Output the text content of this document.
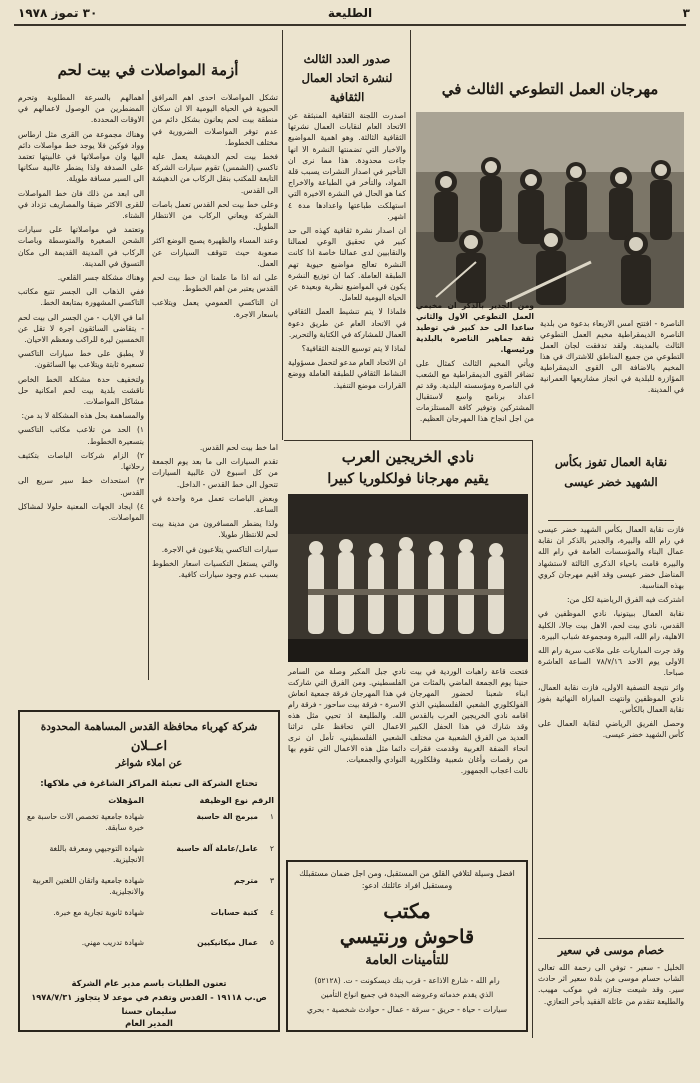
٣
الطليعة
٣٠ تموز ١٩٧٨
مهرجان العمل التطوعي الثالث في
الناصرة - افتتح امس الاربعاء بدعوة من بلدية الناصرة الديمقراطية مخيم العمل التطوعي الثالث بالمدينة. ولقد تدفقت لجان العمل التطوعي من جميع المناطق للاشتراك في هذا المخيم بالاضافة الى القوى الديمقراطية المؤازرة للبلدية في انجاز مشاريعها العمرانية في المدينة.
ومن الجدير بالذكر ان مخيمي العمل التطوعي الاول والثاني ساعدا الى حد كبير في توطيد ثقة جماهير الناصرة بالبلدية ورئيسها.
ويأتي المخيم الثالث كمثال على تضافر القوى الديمقراطية مع الشعب في الناصرة ومؤسسته البلدية. وقد تم اعداد برنامج واسع لاستقبال المشتركين وتوفير كافة المستلزمات من اجل انجاح هذا المهرجان العظيم.
صدور العدد الثالث لنشرة اتحاد العمال الثقافية

اصدرت اللجنة الثقافية المنبثقة عن الاتحاد العام لنقابات العمال نشرتها الثقافية الثالثة. وهو اهمية المواضيع والاخبار التي تضمنتها النشرة الا انها جاءت محدودة. هذا مما نرى ان التأخير في اصدار النشرات يسبب قلة المواد، والتأخر في الطباعة والاخراج كما هو الحال في النشرة الاخيرة التي استهلكت طباعتها واعدادها مدة ٤ اشهر.

ان اصدار نشرة ثقافية كهذه الى حد كبير في تحقيق الوعي لعمالنا والنقابيين لدى عمالنا خاصة اذا كانت النشرة تعالج مواضيع حيوية تهم الطبقة العاملة. كما ان توزيع النشرة يكون في المواضيع نظرية وبعيدة عن الحياة اليومية للعامل.

فلماذا لا يتم تنشيط العمل الثقافي في الاتحاد العام عن طريق دعوة العمال للمشاركة في الكتابة والتحرير.

لماذا لا يتم توسيع اللجنة الثقافية؟

ان الاتحاد العام مدعو لتحمل مسؤولية النشاط الثقافي للطبقة العاملة ووضع القرارات موضع التنفيذ.

أزمة المواصلات في بيت لحم

اهمالهم بالسرعة المطلوبة وتحرم المضطرين من الوصول لاعمالهم في الاوقات المحددة.

وهناك مجموعة من القرى مثل ارطاس وواد فوكين فلا يوجد خط مواصلات دائم اليها وان مواصلاتها في غالبيتها تعتمد على الصدفة ولذا يضطر غالبية سكانها الى السير مسافة طويلة.

الى ابعد من ذلك فان خط المواصلات للقرى الاكثر ضيقا والمصاريف تزداد في الشتاء.

وتعتمد في مواصلاتها على سيارات الشحن الصغيرة والمتوسطة وباصات الركاب في المدينة القديمة الى مكان التسوق في المدينة.

وهناك مشكلة جسر القلعي.

ففي الذهاب الى الجسر تتبع مكاتب التاكسي المشهورة بمتابعة الخط.

اما في الاياب - من الجسر الى بيت لحم - يتقاضى السائقون اجرة لا تقل عن الخمسين ليرة للراكب ومعظم الاحيان.

لا يطبق على خط سيارات التاكسي تسعيرة ثابتة ويتلاعب بها السائقون.

ولتخفيف حدة مشكلة الخط الخاص ناقشت بلدية بيت لحم امكانية حل مشاكل المواصلات.

والمساهمة بحل هذه المشكلة لا بد من:

١) الحد من تلاعب مكاتب التاكسي بتسعيرة الخطوط.

٢) الزام شركات الباصات بتكثيف رحلاتها.

٣) استحداث خط سير سريع الى القدس.

٤) ايجاد الجهات المعنية حلولا لمشاكل المواصلات.

تشكل المواصلات احدى اهم المرافق الحيوية في الحياة اليومية الا ان سكان منطقة بيت لحم يعانون بشكل دائم من عدم توفر المواصلات الضرورية في مختلف الخطوط.

فخط بيت لحم الدهيشة يعمل عليه تاكسي (الشمس) تقوم سيارات الشركة التابعة للمكتب بنقل الركاب من الدهيشة الى القدس.

وعلى خط بيت لحم القدس تعمل باصات الشركة ويعاني الركاب من الانتظار الطويل.

وعند المساء والظهيرة يصبح الوضع اكثر صعوبة حيث تتوقف السيارات عن العمل.

على انه اذا ما علمنا ان خط بيت لحم القدس يعتبر من اهم الخطوط.

ان التاكسي العمومي يعمل ويتلاعب باسعار الاجرة.

اما خط بيت لحم القدس.

تقدم السيارات الى ما بعد يوم الجمعة من كل اسبوع لان غالبية السيارات تتحول الى خط القدس - الداخل.

وبعض الباصات تعمل مرة واحدة في الساعة.

ولذا يضطر المسافرون من مدينة بيت لحم للانتظار طويلا.

سيارات التاكسي يتلاعبون في الاجرة.

والتي يستغل التكسيات اسعار الخطوط بسبب عدم وجود سيارات كافية.

نادي الخريجين العرب
يقيم مهرجانا فولكلوريا كبيرا
فتحت قاعة راهبات الوردية في بيت حنينا يوم الجمعة الماضي بالمئات من ابناء شعبنا لحضور المهرجان الفولكلوري الشعبي الفلسطيني الذي اقامه نادي الخريجين العرب بالقدس وقد شارك في هذا الحفل الكبير العديد من الفرق الشعبية من مختلف انحاء الضفة الغربية وقدمت فقرات من رقصات وأغان شعبية وفلكلورية نالت اعجاب الجمهور.
نادي جبل المكبر وصلة من السامر الفلسطيني. ومن الفرق التي شاركت في هذا المهرجان فرقة جمعية انعاش الاسرة - فرقة بيت ساحور - فرقة رام الله. والطليعة اذ تحيي مثل هذه الاعمال التي تحافظ على تراثنا الشعبي الفلسطيني، تأمل ان نرى دائما مثل هذه الاعمال التي تقوم بها النوادي والجمعيات.
نقابة العمال تفوز بكأس الشهيد خضر عيسى

فازت نقابة العمال بكأس الشهيد خضر عيسى في رام الله والبيرة، والجدير بالذكر ان نقابة عمال البناء والمؤسسات العامة في رام الله والبيرة قامت باحياء الذكرى الثالثة لاستشهاد المناضل خضر عيسى وقد اقيم مهرجان كروي بهذه المناسبة.

اشتركت فيه الفرق الرياضية لكل من:

نقابة العمال ببيتونيا، نادي الموظفين في القدس، نادي بيت لحم، الاهل بيت جالا، الكلية الاهلية، رام الله، البيرة ومجموعة شباب البيرة.

وقد جرت المباريات على ملاعب سرية رام الله الاولى يوم الاحد ٧٨/٧/١٦ الساعة العاشرة صباحا.

واثر نتيجة التصفية الاولى، فازت نقابة العمال، نادي الموظفين وانتهت المباراة النهائية بفوز نقابة العمال بالكأس.

وحصل الفريق الرياضي لنقابة العمال على كأس الشهيد خضر عيسى.

خصام موسى في سعير
الخليل - سعير - توفي الى رحمة الله تعالى الشاب حسام موسى من بلدة سعير اثر حادث سير. وقد شيعت جنازته في موكب مهيب. والطليعة تتقدم من عائلة الفقيد بأحر التعازي.
شركة كهرباء محافظة القدس المساهمة المحدودة
اعــلان
عن املاء شواغر
تحتاج الشركة الى تعبئة المراكز الشاغرة في ملاكها:
الرقم
نوع الوظيفة
المؤهلات
١
مبرمج الة حاسبة
شهادة جامعية تخصص الات حاسبة مع خبرة سابقة.
٢
عامل/عاملة آلة حاسبة
شهادة التوجيهي ومعرفة باللغة الانجليزية.
٣
مترجم
شهادة جامعية واتقان اللغتين العربية والانجليزية.
٤
كتبة حسابات
شهادة ثانوية تجارية مع خبرة.
٥
عمال ميكانيكيين
شهادة تدريب مهني.
تعنون الطلبات باسم مدير عام الشركة
ص.ب ١٩١١٨ - القدس وتقدم في موعد لا يتجاوز ١٩٧٨/٧/٣١
سليمان حسنا
المدير العام
افضل وسيلة لتلافي القلق من المستقبل، ومن اجل ضمان مستقبلك ومستقبل افراد عائلتك ادعو:
مكتب
قاحوش ورنتيسي
للتأمينات العامة
رام الله - شارع الاذاعة - قرب بنك ديسكونت - ت. (٥٢١٢٨)
الذي يقدم خدماته وعروضه الجيدة في جميع انواع التأمين
سيارات - حياة - حريق - سرقة - عمال - حوادث شخصية - بحري
